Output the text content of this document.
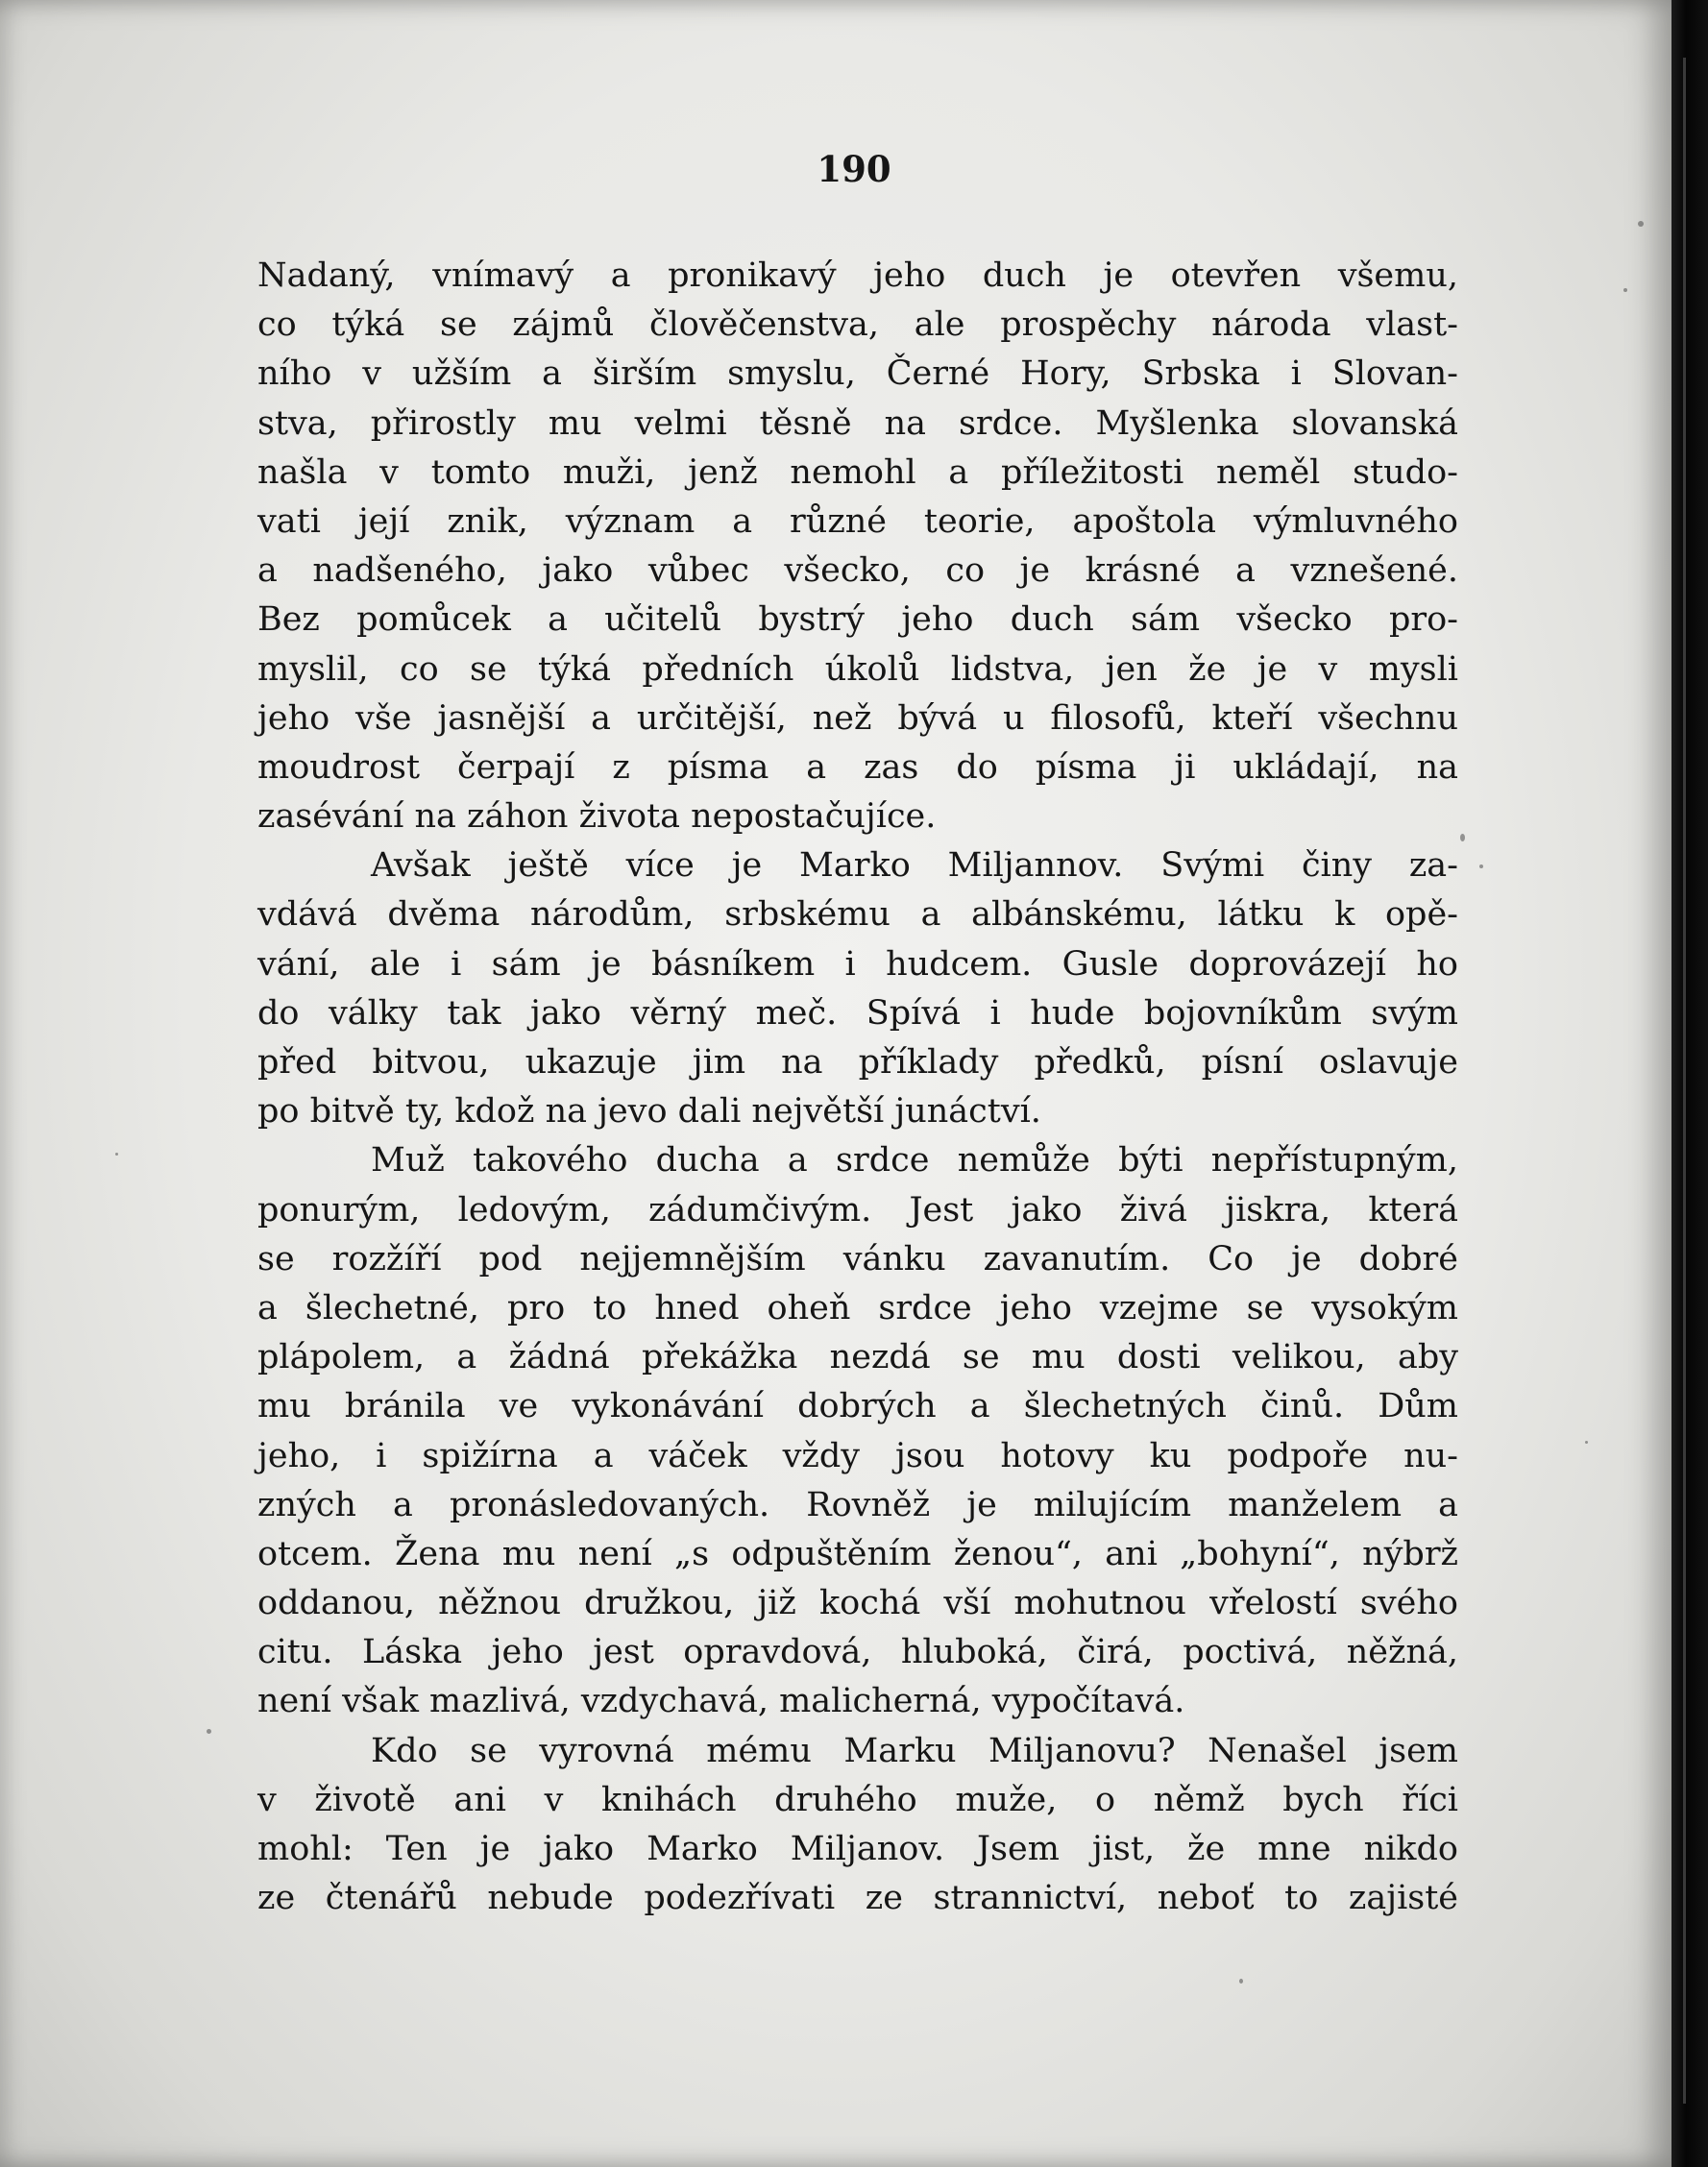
190
Nadaný, vnímavý a pronikavý jeho duch je otevřen všemu,
co týká se zájmů člověčenstva, ale prospěchy národa vlast-
ního v užším a širším smyslu, Černé Hory, Srbska i Slovan-
stva, přirostly mu velmi těsně na srdce. Myšlenka slovanská
našla v tomto muži, jenž nemohl a příležitosti neměl studo-
vati její znik, význam a různé teorie, apoštola výmluvného
a nadšeného, jako vůbec všecko, co je krásné a vznešené.
Bez pomůcek a učitelů bystrý jeho duch sám všecko pro-
myslil, co se týká předních úkolů lidstva, jen že je v mysli
jeho vše jasnější a určitější, než bývá u filosofů, kteří všechnu
moudrost čerpají z písma a zas do písma ji ukládají, na
zasévání na záhon života nepostačujíce.
Avšak ještě více je Marko Miljannov. Svými činy za-
vdává dvěma národům, srbskému a albánskému, látku k opě-
vání, ale i sám je básníkem i hudcem. Gusle doprovázejí ho
do války tak jako věrný meč. Spívá i hude bojovníkům svým
před bitvou, ukazuje jim na příklady předků, písní oslavuje
po bitvě ty, kdož na jevo dali největší junáctví.
Muž takového ducha a srdce nemůže býti nepřístupným,
ponurým, ledovým, zádumčivým. Jest jako živá jiskra, která
se rozžíří pod nejjemnějším vánku zavanutím. Co je dobré
a šlechetné, pro to hned oheň srdce jeho vzejme se vysokým
plápolem, a žádná překážka nezdá se mu dosti velikou, aby
mu bránila ve vykonávání dobrých a šlechetných činů. Dům
jeho, i spižírna a váček vždy jsou hotovy ku podpoře nu-
zných a pronásledovaných. Rovněž je milujícím manželem a
otcem. Žena mu není „s odpuštěním ženou“, ani „bohyní“, nýbrž
oddanou, něžnou družkou, již kochá vší mohutnou vřelostí svého
citu. Láska jeho jest opravdová, hluboká, čirá, poctivá, něžná,
není však mazlivá, vzdychavá, malicherná, vypočítavá.
Kdo se vyrovná mému Marku Miljanovu? Nenašel jsem
v životě ani v knihách druhého muže, o němž bych říci
mohl: Ten je jako Marko Miljanov. Jsem jist, že mne nikdo
ze čtenářů nebude podezřívati ze strannictví, neboť to zajisté
